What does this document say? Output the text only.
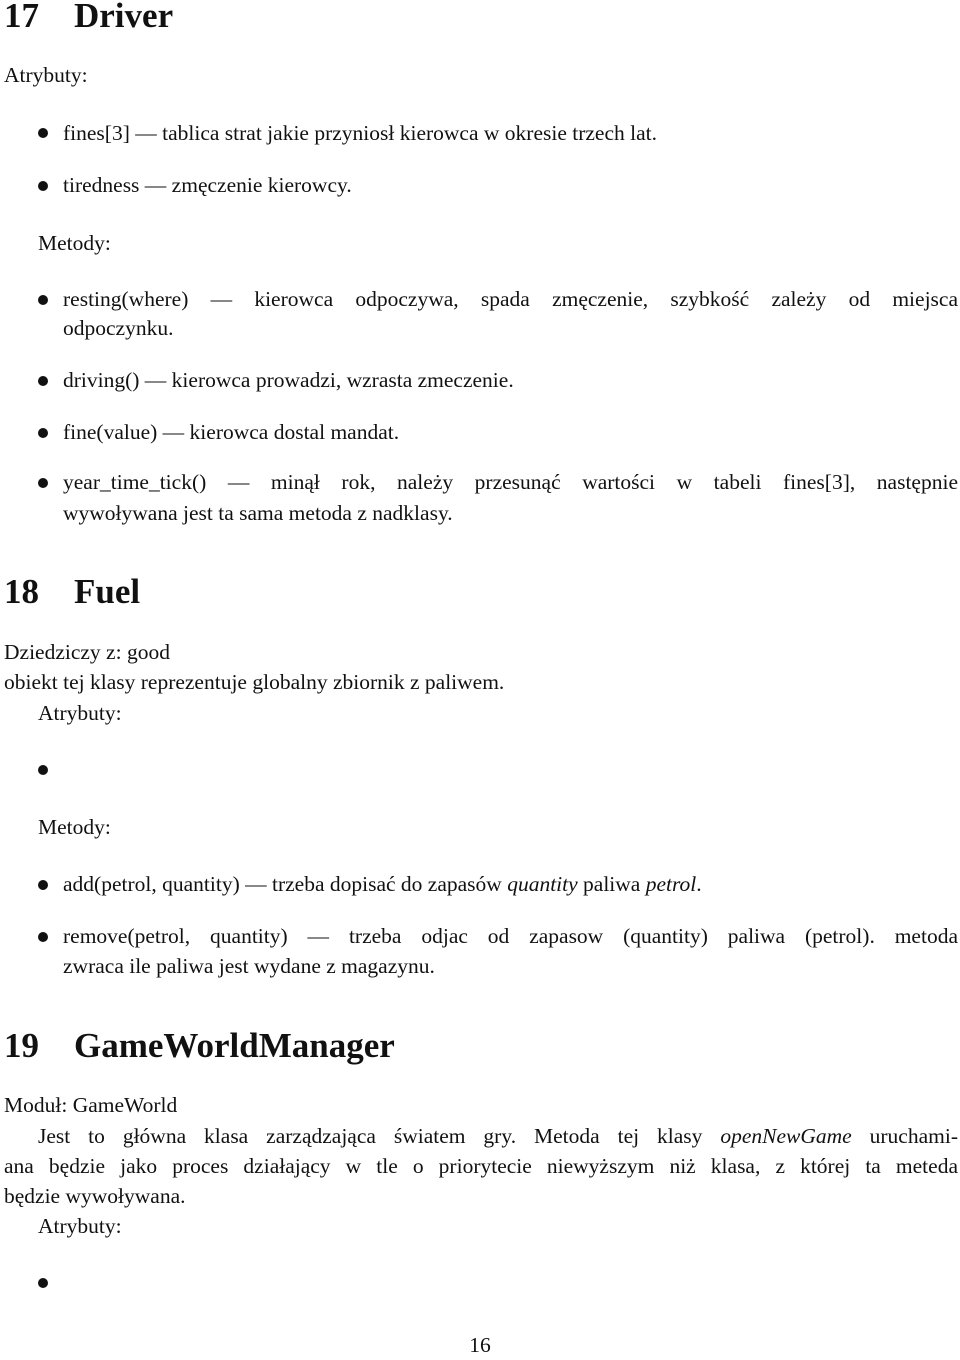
17 Driver
Atrybuty:
fines[3] — tablica strat jakie przyniosł kierowca w okresie trzech lat.
tiredness — zmęczenie kierowcy.
Metody:
resting(where) — kierowca odpoczywa, spada zmęczenie, szybkość zależy od miejsca
odpoczynku.
driving() — kierowca prowadzi, wzrasta zmeczenie.
fine(value) — kierowca dostal mandat.
year_time_tick() — minął rok, należy przesunąć wartości w tabeli fines[3], następnie
wywoływana jest ta sama metoda z nadklasy.
18 Fuel
Dziedziczy z: good
obiekt tej klasy reprezentuje globalny zbiornik z paliwem.
Atrybuty:
Metody:
add(petrol, quantity) — trzeba dopisać do zapasów quantity paliwa petrol.
remove(petrol, quantity) — trzeba odjac od zapasow (quantity) paliwa (petrol). metoda
zwraca ile paliwa jest wydane z magazynu.
19 GameWorldManager
Moduł: GameWorld
Jest to główna klasa zarządzająca światem gry. Metoda tej klasy openNewGame uruchami-
ana będzie jako proces działający w tle o priorytecie niewyższym niż klasa, z której ta meteda
będzie wywoływana.
Atrybuty:
16
